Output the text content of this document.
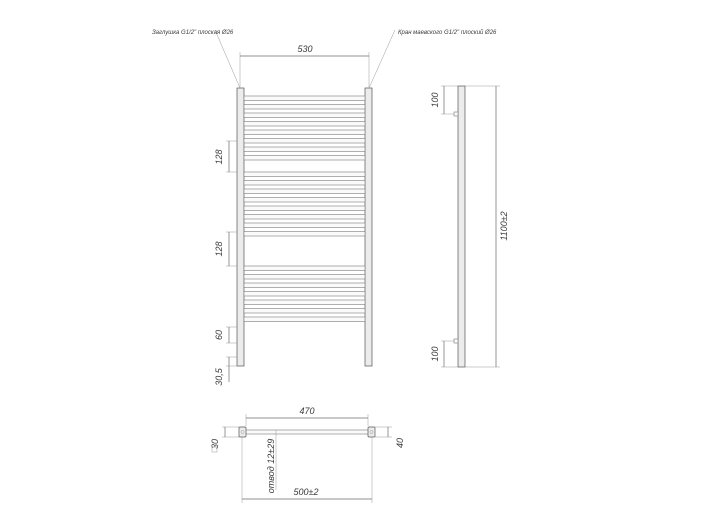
530
Заглушка G1/2" плоская Ø26	Кран маевского G1/2" плоский Ø26
128
128
60
30,5
1100±2
100
100
470
30	40
отвод 12±29 500±2
